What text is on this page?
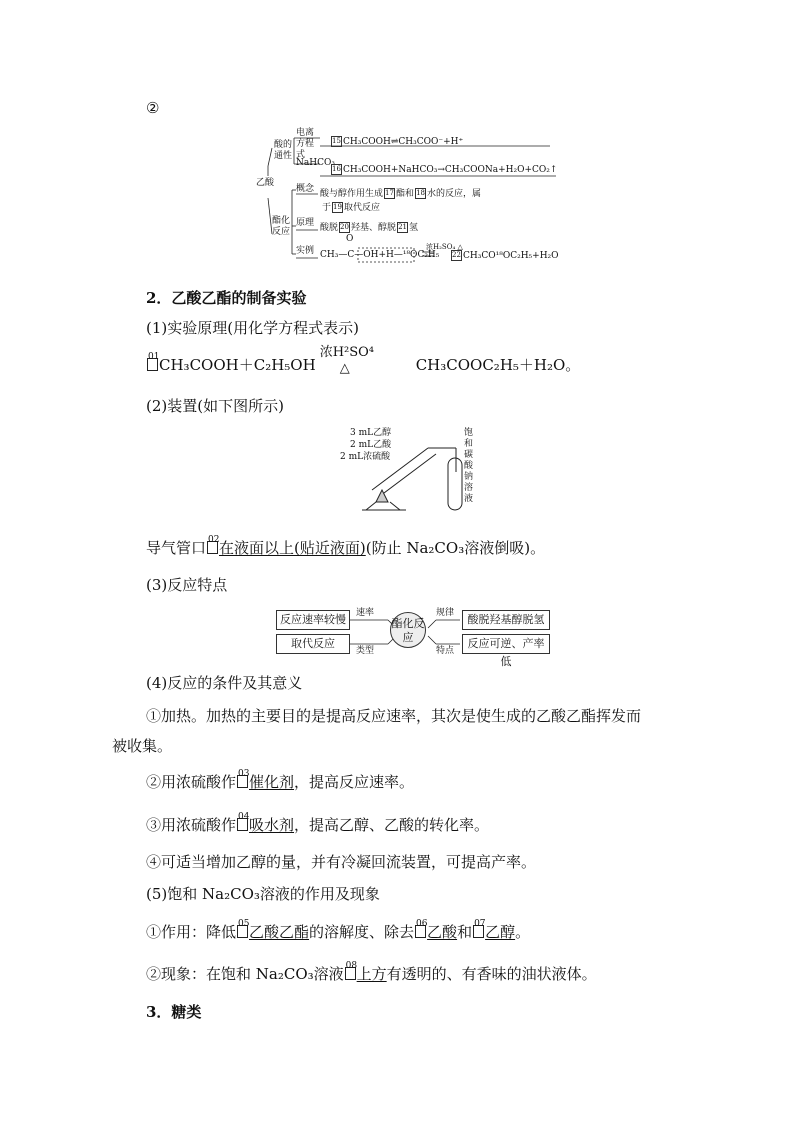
②
乙酸
酸的通性
电离方程式
15 CH₃COOH⇌CH₃COO⁻+H⁺
NaHCO₃
16 CH₃COOH+NaHCO₃→CH₃COONa+H₂O+CO₂↑
酯化反应
概念 酸与醇作用生成 17 酯和 18 水的反应，属
于 19 取代反应
原理 酸脱 20 羟基、醇脱 21 氢
实例
O
CH₃—C—OH+H—¹⁸OC₂H₅
浓H₂SO₄ △
22 CH₃CO¹⁸OC₂H₅+H₂O
2．乙酸乙酯的制备实验
(1)实验原理(用化学方程式表示)
01 CH₃COOH＋C₂H₅OH
浓H²SO⁴
△	CH₃COOC₂H₅＋H₂O。
(2)装置(如下图所示)
3 mL乙醇
2 mL乙酸
2 mL浓硫酸
饱和碳酸钠溶液
导气管口 02 在液面以上(贴近液面)(防止 Na₂CO₃溶液倒吸)。
(3)反应特点
反应速率较慢
取代反应
速率
类型
酯化反应
规律
特点
酸脱羟基醇脱氢
反应可逆、产率低
(4)反应的条件及其意义
①加热。加热的主要目的是提高反应速率，其次是使生成的乙酸乙酯挥发而
被收集。
②用浓硫酸作 03 催化剂，提高反应速率。
③用浓硫酸作 04 吸水剂，提高乙醇、乙酸的转化率。
④可适当增加乙醇的量，并有冷凝回流装置，可提高产率。
(5)饱和 Na₂CO₃溶液的作用及现象
①作用：降低 05 乙酸乙酯的溶解度、除去 06 乙酸和 07 乙醇。
②现象：在饱和 Na₂CO₃溶液 08 上方有透明的、有香味的油状液体。
3．糖类
